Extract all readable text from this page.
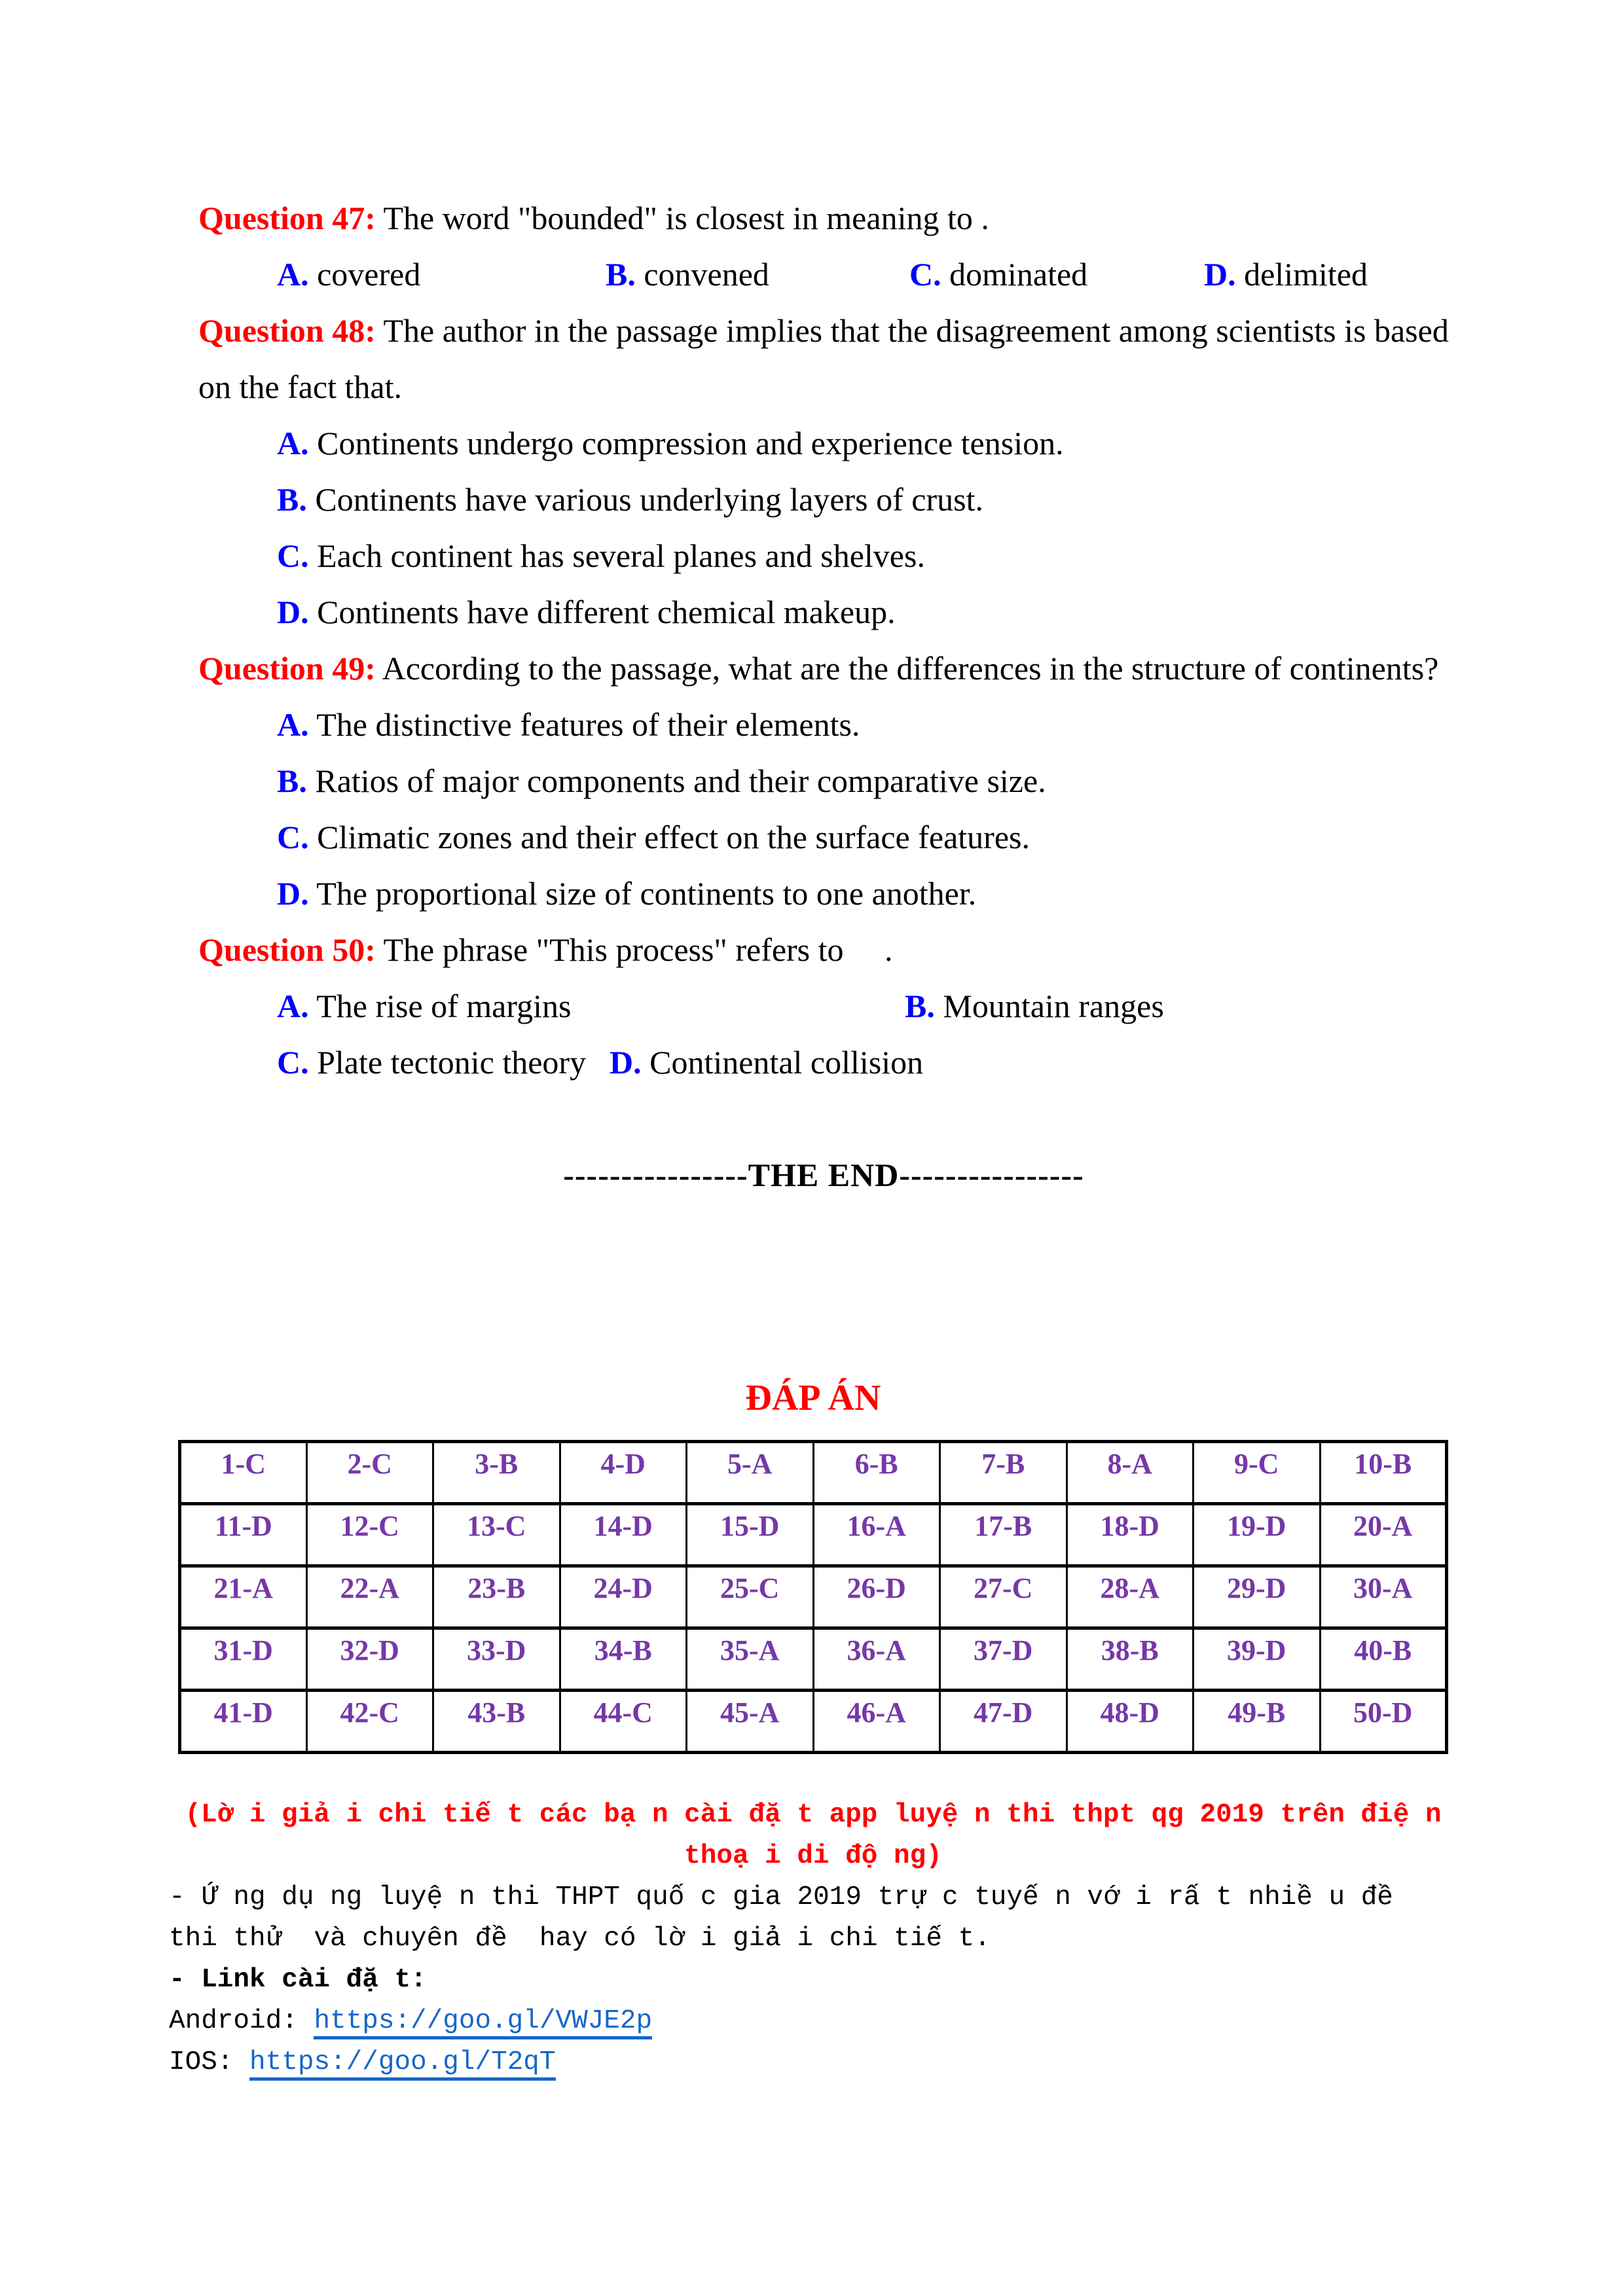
Question 47: The word "bounded" is closest in meaning to .
A. covered	B. convened	C. dominated	D. delimited
Question 48: The author in the passage implies that the disagreement among scientists is based
on the fact that.
A. Continents undergo compression and experience tension.
B. Continents have various underlying layers of crust.
C. Each continent has several planes and shelves.
D. Continents have different chemical makeup.
Question 49: According to the passage, what are the differences in the structure of continents?
A. The distinctive features of their elements.
B. Ratios of major components and their comparative size.
C. Climatic zones and their effect on the surface features.
D. The proportional size of continents to one another.
Question 50: The phrase "This process" refers to     .
A. The rise of margins	B. Mountain ranges
C. Plate tectonic theory D. Continental collision
----------------THE END----------------
ĐÁP ÁN
1-C	2-C	3-B	4-D	5-A	6-B	7-B	8-A	9-C	10-B
11-D	12-C	13-C	14-D	15-D	16-A	17-B	18-D	19-D	20-A
21-A	22-A	23-B	24-D	25-C	26-D	27-C	28-A	29-D	30-A
31-D	32-D	33-D	34-B	35-A	36-A	37-D	38-B	39-D	40-B
41-D	42-C	43-B	44-C	45-A	46-A	47-D	48-D	49-B	50-D
(Lờ i giả i chi tiế t các bạ n cài đặ t app luyệ n thi thpt qg 2019 trên điệ n
thoạ i di độ ng)
- Ứ ng dụ ng luyệ n thi THPT quố c gia 2019 trự c tuyế n vớ i rấ t nhiề u đề
thi thử  và chuyên đề  hay có lờ i giả i chi tiế t.
- Link cài đặ t:
Android: https://goo.gl/VWJE2p
IOS: https://goo.gl/T2qT
